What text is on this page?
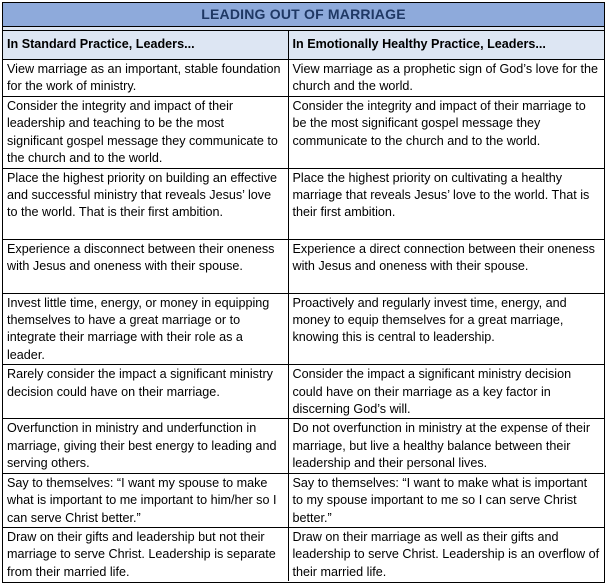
LEADING OUT OF MARRIAGE
In Standard Practice, Leaders...	In Emotionally Healthy Practice, Leaders...
View marriage as an important, stable foundation for the work of ministry.	View marriage as a prophetic sign of God’s love for the church and the world.
Consider the integrity and impact of their leadership and teaching to be the most significant gospel message they communicate to the church and to the world.	Consider the integrity and impact of their marriage to be the most significant gospel message they communicate to the church and to the world.
Place the highest priority on building an effective and successful ministry that reveals Jesus’ love to the world. That is their first ambition.	Place the highest priority on cultivating a healthy marriage that reveals Jesus’ love to the world. That is their first ambition.
Experience a disconnect between their oneness with Jesus and oneness with their spouse.	Experience a direct connection between their oneness with Jesus and oneness with their spouse.
Invest little time, energy, or money in equipping themselves to have a great marriage or to integrate their marriage with their role as a leader.	Proactively and regularly invest time, energy, and money to equip themselves for a great marriage, knowing this is central to leadership.
Rarely consider the impact a significant ministry decision could have on their marriage.	Consider the impact a significant ministry decision could have on their marriage as a key factor in discerning God’s will.
Overfunction in ministry and underfunction in marriage, giving their best energy to leading and serving others.	Do not overfunction in ministry at the expense of their marriage, but live a healthy balance between their leadership and their personal lives.
Say to themselves: “I want my spouse to make what is important to me important to him/her so I can serve Christ better.”	Say to themselves: “I want to make what is important to my spouse important to me so I can serve Christ better.”
Draw on their gifts and leadership but not their marriage to serve Christ. Leadership is separate from their married life.	Draw on their marriage as well as their gifts and leadership to serve Christ. Leadership is an overflow of their married life.
